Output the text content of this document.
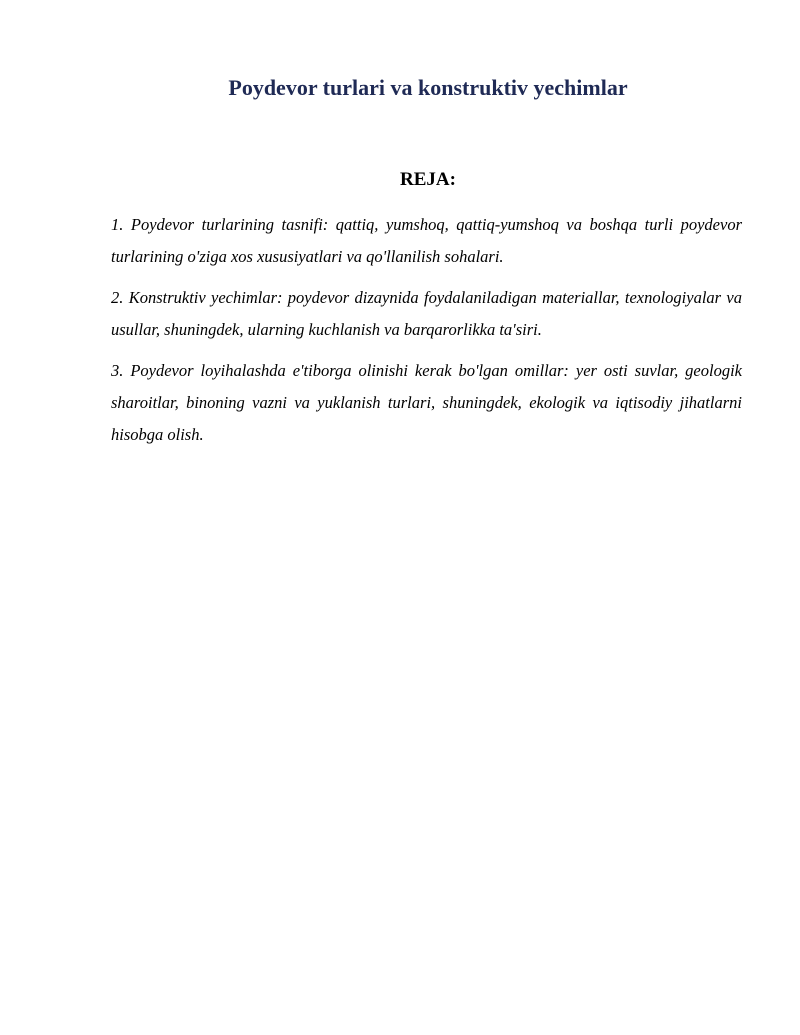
Poydevor turlari va konstruktiv yechimlar
REJA:
1. Poydevor turlarining tasnifi: qattiq, yumshoq, qattiq-yumshoq va boshqa turli poydevor turlarining o'ziga xos xususiyatlari va qo'llanilish sohalari.
2. Konstruktiv yechimlar: poydevor dizaynida foydalaniladigan materiallar, texnologiyalar va usullar, shuningdek, ularning kuchlanish va barqarorlikka ta'siri.
3. Poydevor loyihalashda e'tiborga olinishi kerak bo'lgan omillar: yer osti suvlar, geologik sharoitlar, binoning vazni va yuklanish turlari, shuningdek, ekologik va iqtisodiy jihatlarni hisobga olish.
